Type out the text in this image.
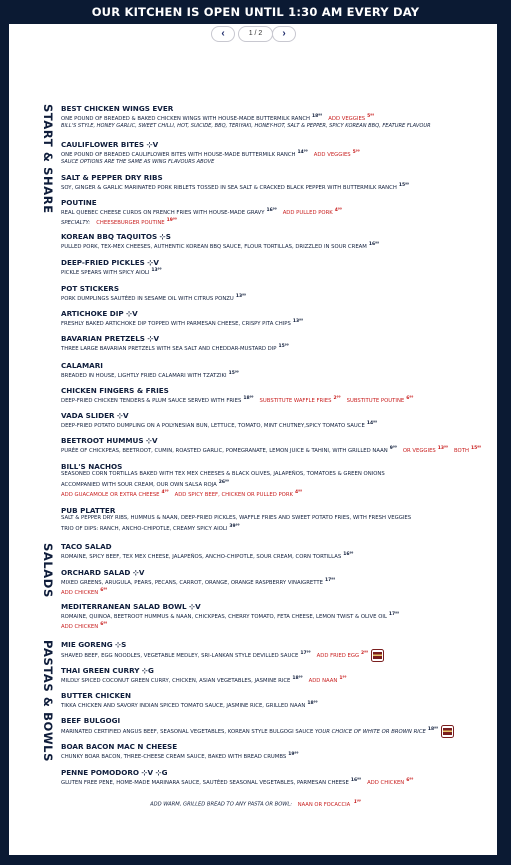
OUR KITCHEN IS OPEN UNTIL 1:30 AM EVERY DAY
‹	1 / 2	›
START & SHARE
SALADS
PASTAS & BOWLS
BEST CHICKEN WINGS EVER
ONE POUND OF BREADED & BAKED CHICKEN WINGS WITH HOUSE-MADE BUTTERMILK RANCH $^{18^{99}}$ ADD VEGGIES $^{5^{99}}$
BILL'S STYLE, HONEY GARLIC, SWEET CHILLI, HOT, SUICIDE, BBQ, TERIYAKI, HONEY-HOT, SALT & PEPPER, SPICY KOREAN BBQ, FEATURE FLAVOUR
CAULIFLOWER BITES ⊹V
ONE POUND OF BREADED CAULIFLOWER BITES WITH HOUSE-MADE BUTTERMILK RANCH $^{14^{99}}$ ADD VEGGIES $^{5^{99}}$
SAUCE OPTIONS ARE THE SAME AS WING FLAVOURS ABOVE
SALT & PEPPER DRY RIBS
SOY, GINGER & GARLIC MARINATED PORK RIBLETS TOSSED IN SEA SALT & CRACKED BLACK PEPPER WITH BUTTERMILK RANCH $^{15^{99}}$
POUTINE
REAL QUEBEC CHEESE CURDS ON FRENCH FRIES WITH HOUSE-MADE GRAVY $^{16^{99}}$ ADD PULLED PORK $^{4^{99}}$
SPECIALTY: CHEESEBURGER POUTINE $^{19^{99}}$
KOREAN BBQ TAQUITOS ⊹S
PULLED PORK, TEX-MEX CHEESES, AUTHENTIC KOREAN BBQ SAUCE, FLOUR TORTILLAS, DRIZZLED IN SOUR CREAM $^{16^{99}}$
DEEP-FRIED PICKLES ⊹V
PICKLE SPEARS WITH SPICY AIOLI $^{13^{99}}$
POT STICKERS
PORK DUMPLINGS SAUTÉED IN SESAME OIL WITH CITRUS PONZU $^{13^{99}}$
ARTICHOKE DIP ⊹V
FRESHLY BAKED ARTICHOKE DIP TOPPED WITH PARMESAN CHEESE, CRISPY PITA CHIPS $^{13^{99}}$
BAVARIAN PRETZELS ⊹V
THREE LARGE BAVARIAN PRETZELS WITH SEA SALT AND CHEDDAR-MUSTARD DIP $^{15^{99}}$
CALAMARI
BREADED IN HOUSE, LIGHTLY FRIED CALAMARI WITH TZATZIKI $^{15^{99}}$
CHICKEN FINGERS & FRIES
DEEP-FRIED CHICKEN TENDERS & PLUM SAUCE SERVED WITH FRIES $^{18^{99}}$ SUBSTITUTE WAFFLE FRIES $^{2^{99}}$ SUBSTITUTE POUTINE $^{6^{99}}$
VADA SLIDER ⊹V
DEEP-FRIED POTATO DUMPLING ON A POLYNESIAN BUN, LETTUCE, TOMATO, MINT CHUTNEY,SPICY TOMATO SAUCE $^{14^{99}}$
BEETROOT HUMMUS ⊹V
PURÉE OF CHICKPEAS, BEETROOT, CUMIN, ROASTED GARLIC, POMEGRANATE, LEMON JUICE & TAHINI, WITH GRILLED NAAN $^{9^{99}}$ OR VEGGIES $^{13^{99}}$ BOTH $^{15^{99}}$
BILL'S NACHOS
SEASONED CORN TORTILLAS BAKED WITH TEX MEX CHEESES & BLACK OLIVES, JALAPEÑOS, TOMATOES & GREEN ONIONS
ACCOMPANIED WITH SOUR CREAM, OUR OWN SALSA ROJA $^{26^{99}}$
ADD GUACAMOLE OR EXTRA CHEESE $^{4^{99}}$ ADD SPICY BEEF, CHICKEN OR PULLED PORK $^{4^{99}}$
PUB PLATTER
SALT & PEPPER DRY RIBS, HUMMUS & NAAN, DEEP-FRIED PICKLES, WAFFLE FRIES AND SWEET POTATO FRIES, WITH FRESH VEGGIES
TRIO OF DIPS: RANCH, ANCHO-CHIPOTLE, CREAMY SPICY AIOLI $^{39^{99}}$
TACO SALAD
ROMAINE, SPICY BEEF, TEX MEX CHEESE, JALAPEÑOS, ANCHO-CHIPOTLE, SOUR CREAM, CORN TORTILLAS $^{16^{99}}$
ORCHARD SALAD ⊹V
MIXED GREENS, ARUGULA, PEARS, PECANS, CARROT, ORANGE, ORANGE RASPBERRY VINAIGRETTE $^{17^{99}}$
ADD CHICKEN $^{6^{99}}$
MEDITERRANEAN SALAD BOWL ⊹V
ROMAINE, QUINOA, BEETROOT HUMMUS & NAAN, CHICKPEAS, CHERRY TOMATO, FETA CHEESE, LEMON TWIST & OLIVE OIL $^{17^{99}}$
ADD CHICKEN $^{6^{99}}$
MIE GORENG ⊹S
SHAVED BEEF, EGG NOODLES, VEGETABLE MEDLEY, SRI-LANKAN STYLE DEVILLED SAUCE $^{17^{99}}$ ADD FRIED EGG $^{2^{99}}$
THAI GREEN CURRY ⊹G
MILDLY SPICED COCONUT GREEN CURRY, CHICKEN, ASIAN VEGETABLES, JASMINE RICE $^{18^{99}}$ ADD NAAN $^{1^{99}}$
BUTTER CHICKEN
TIKKA CHICKEN AND SAVORY INDIAN SPICED TOMATO SAUCE, JASMINE RICE, GRILLED NAAN $^{18^{99}}$
BEEF BULGOGI
MARINATED CERTIFIED ANGUS BEEF, SEASONAL VEGETABLES, KOREAN STYLE BULGOGI SAUCE YOUR CHOICE OF WHITE OR BROWN RICE $^{18^{99}}$
BOAR BACON MAC N CHEESE
CHUNKY BOAR BACON, THREE-CHEESE CREAM SAUCE, BAKED WITH BREAD CRUMBS $^{19^{99}}$
PENNE POMODORO ⊹V ⊹G
GLUTEN FREE PENE, HOME-MADE MARINARA SAUCE, SAUTÉED SEASONAL VEGETABLES, PARMESAN CHEESE $^{16^{99}}$ ADD CHICKEN $^{6^{99}}$
ADD WARM, GRILLED BREAD TO ANY PASTA OR BOWL: NAAN OR FOCACCIA 1⁹⁹
